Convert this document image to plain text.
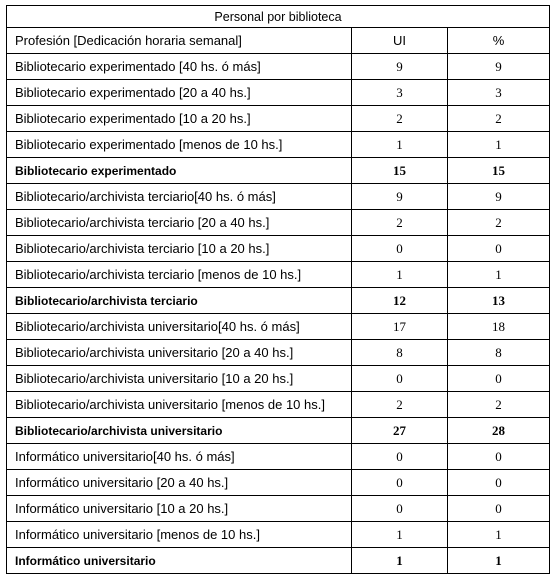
Personal por biblioteca		
Profesión [Dedicación horaria semanal]	UI	%
Bibliotecario experimentado [40 hs. ó más]	9	9
Bibliotecario experimentado [20 a 40 hs.]	3	3
Bibliotecario experimentado [10 a 20 hs.]	2	2
Bibliotecario experimentado [menos de 10 hs.]	1	1
Bibliotecario experimentado	15	15
Bibliotecario/archivista terciario[40 hs. ó más]	9	9
Bibliotecario/archivista terciario [20 a 40 hs.]	2	2
Bibliotecario/archivista terciario [10 a 20 hs.]	0	0
Bibliotecario/archivista terciario [menos de 10 hs.]	1	1
Bibliotecario/archivista terciario	12	13
Bibliotecario/archivista universitario[40 hs. ó más]	17	18
Bibliotecario/archivista universitario [20 a 40 hs.]	8	8
Bibliotecario/archivista universitario [10 a 20 hs.]	0	0
Bibliotecario/archivista universitario [menos de 10 hs.]	2	2
Bibliotecario/archivista universitario	27	28
Informático universitario[40 hs. ó más]	0	0
Informático universitario [20 a 40 hs.]	0	0
Informático universitario [10 a 20 hs.]	0	0
Informático universitario [menos de 10 hs.]	1	1
Informático universitario	1	1
